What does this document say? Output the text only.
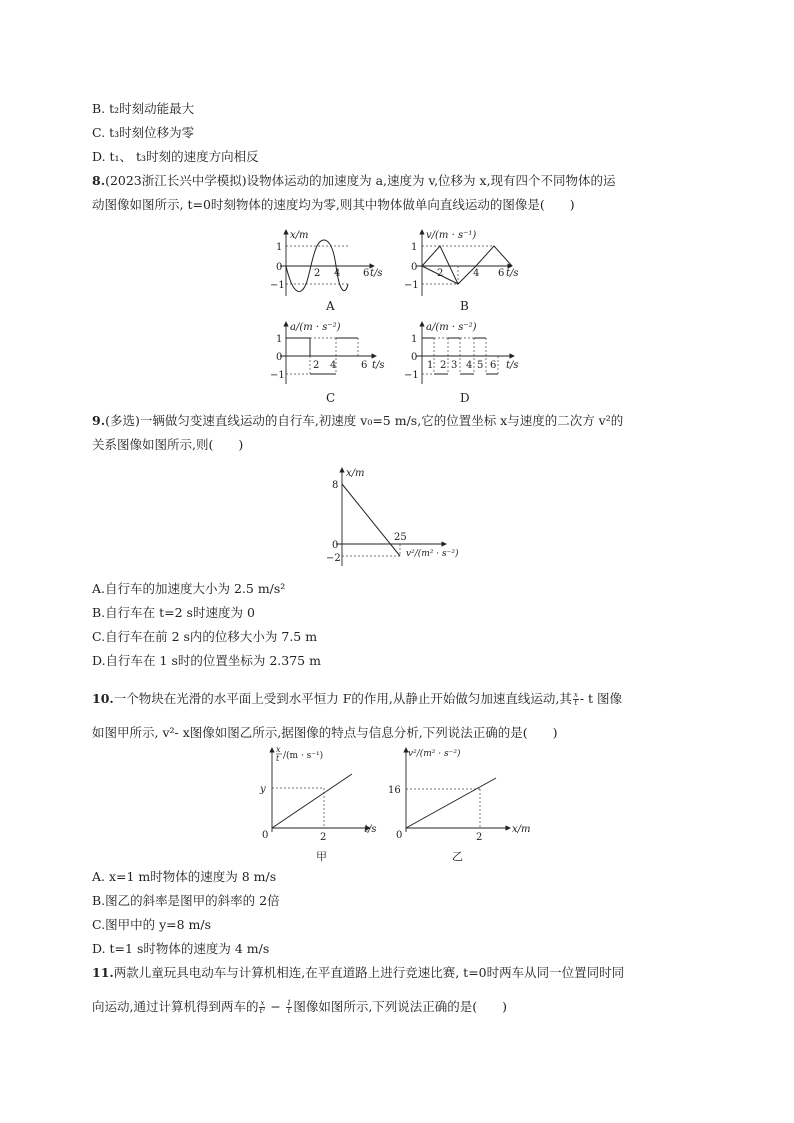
B. t₂时刻动能最大
C. t₃时刻位移为零
D. t₁、 t₃时刻的速度方向相反
8.(2023浙江长兴中学模拟)设物体运动的加速度为 a,速度为 v,位移为 x,现有四个不同物体的运
动图像如图所示, t=0时刻物体的速度均为零,则其中物体做单向直线运动的图像是(　　)
x/m
1
0
−1
2 4 6 t/s
A
v/(m · s⁻¹)
1
0
−1
2	4 6 t/s
B
a/(m · s⁻²)
1
0
−1
2 4 6 t/s
C
a/(m · s⁻²)
1
0
−1
1 2 3 4 5 6 t/s
D
9.(多选)一辆做匀变速直线运动的自行车,初速度 v₀=5 m/s,它的位置坐标 x与速度的二次方 v²的
关系图像如图所示,则(　　)
x/m
8
0
−2
25
v²/(m² · s⁻²)
A.自行车的加速度大小为 2.5 m/s²
B.自行车在 t=2 s时速度为 0
C.自行车在前 2 s内的位移大小为 7.5 m
D.自行车在 1 s时的位置坐标为 2.375 m
10.一个物块在光滑的水平面上受到水平恒力 F的作用,从静止开始做匀加速直线运动,其 $\frac{x}{t}$ - t 图像
如图甲所示, v²- x图像如图乙所示,据图像的特点与信息分析,下列说法正确的是(　　)
x
t /(m · s⁻¹)
y
0	2
t/s
甲
v²/(m² · s⁻²)
16
0	2
x/m
乙
A. x=1 m时物体的速度为 8 m/s
B.图乙的斜率是图甲的斜率的 2倍
C.图甲中的 y=8 m/s
D. t=1 s时物体的速度为 4 m/s
11.两款儿童玩具电动车与计算机相连,在平直道路上进行竞速比赛, t=0时两车从同一位置同时同
向运动,通过计算机得到两车的 $\frac{x}{\text{t²}} - \frac{1}{t}$ 图像如图所示,下列说法正确的是(　　)
